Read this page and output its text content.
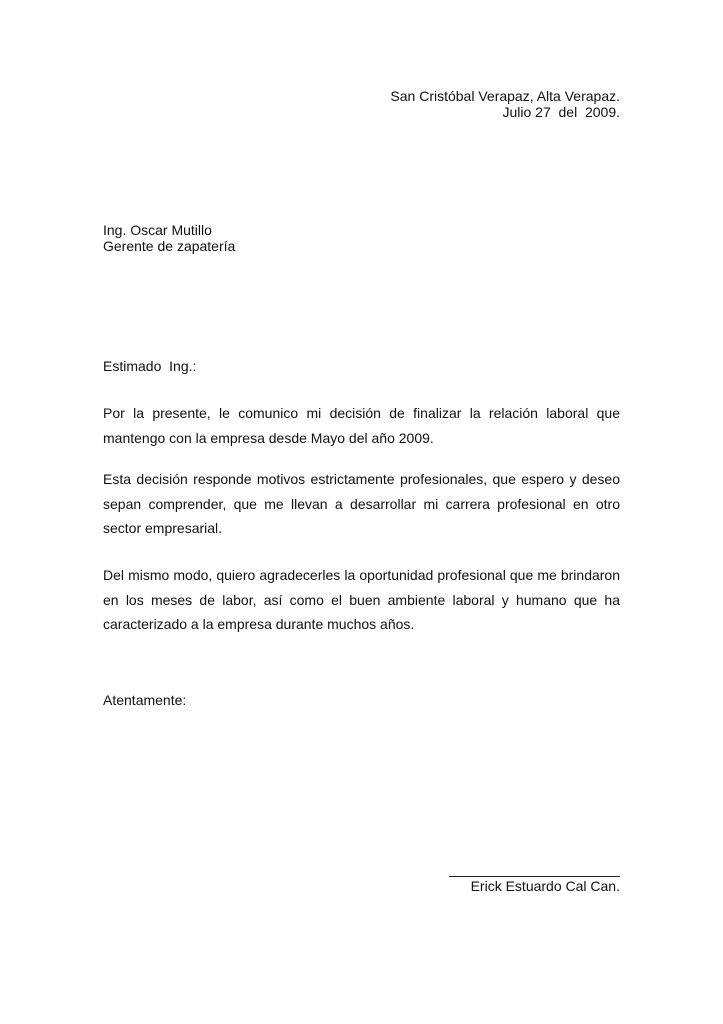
San Cristóbal Verapaz, Alta Verapaz.
Julio 27  del  2009.
Ing. Oscar Mutillo
Gerente de zapatería
Estimado  Ing.:
Por la presente, le comunico mi decisión de finalizar la relación laboral que mantengo con la empresa desde Mayo del año 2009.
Esta decisión responde motivos estrictamente profesionales, que espero y deseo sepan comprender, que me llevan a desarrollar mi carrera profesional en otro sector empresarial.
Del mismo modo, quiero agradecerles la oportunidad profesional que me brindaron en los meses de labor, así como el buen ambiente laboral y humano que ha caracterizado a la empresa durante muchos años.
Atentamente:
Erick Estuardo Cal Can.
